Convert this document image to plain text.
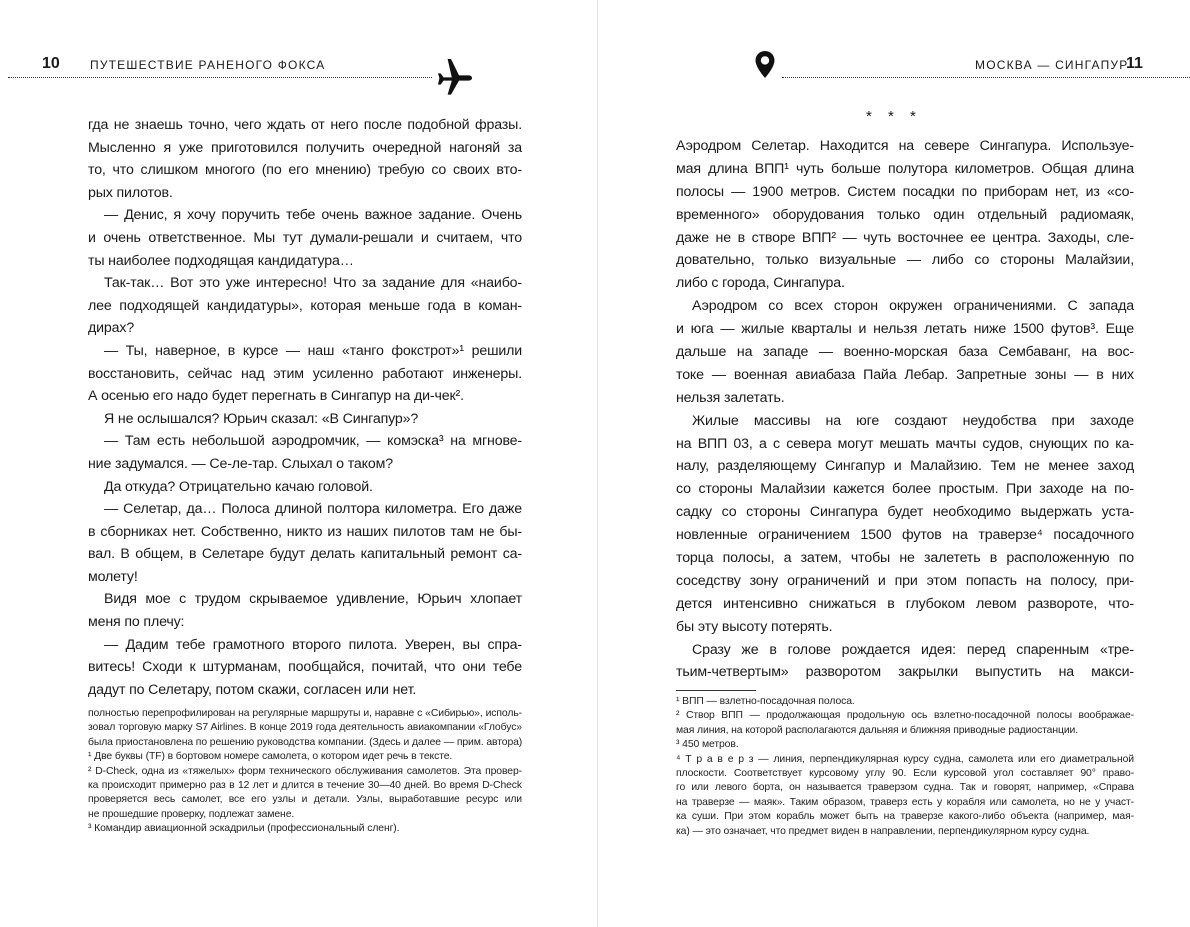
10	ПУТЕШЕСТВИЕ РАНЕНОГО ФОКСА
гда не знаешь точно, чего ждать от него после подобной фразы.
Мысленно я уже приготовился получить очередной нагоняй за
то, что слишком многого (по его мнению) требую со своих вто-
рых пилотов.
— Денис, я хочу поручить тебе очень важное задание. Очень
и очень ответственное. Мы тут думали-решали и считаем, что
ты наиболее подходящая кандидатура…
Так-так… Вот это уже интересно! Что за задание для «наибо-
лее подходящей кандидатуры», которая меньше года в коман-
дирах?
— Ты, наверное, в курсе — наш «танго фокстрот»¹ решили
восстановить, сейчас над этим усиленно работают инженеры.
А осенью его надо будет перегнать в Сингапур на ди-чек².
Я не ослышался? Юрьич сказал: «В Сингапур»?
— Там есть небольшой аэродромчик, — комэска³ на мгнове-
ние задумался. — Се-ле-тар. Слыхал о таком?
Да откуда? Отрицательно качаю головой.
— Селетар, да… Полоса длиной полтора километра. Его даже
в сборниках нет. Собственно, никто из наших пилотов там не бы-
вал. В общем, в Селетаре будут делать капитальный ремонт са-
молету!
Видя мое с трудом скрываемое удивление, Юрьич хлопает
меня по плечу:
— Дадим тебе грамотного второго пилота. Уверен, вы спра-
витесь! Сходи к штурманам, пообщайся, почитай, что они тебе
дадут по Селетару, потом скажи, согласен или нет.
полностью перепрофилирован на регулярные маршруты и, наравне с «Сибирью», исполь-
зовал торговую марку S7 Airlines. В конце 2019 года деятельность авиакомпании «Глобус»
была приостановлена по решению руководства компании. (Здесь и далее — прим. автора)
¹ Две буквы (TF) в бортовом номере самолета, о котором идет речь в тексте.
² D-Check, одна из «тяжелых» форм технического обслуживания самолетов. Эта провер-
ка происходит примерно раз в 12 лет и длится в течение 30—40 дней. Во время D-Check
проверяется весь самолет, все его узлы и детали. Узлы, выработавшие ресурс или
не прошедшие проверку, подлежат замене.
³ Командир авиационной эскадрильи (профессиональный сленг).
МОСКВА — СИНГАПУР
11
* * *
Аэродром Селетар. Находится на севере Сингапура. Используе-
мая длина ВПП¹ чуть больше полутора километров. Общая длина
полосы — 1900 метров. Систем посадки по приборам нет, из «со-
временного» оборудования только один отдельный радиомаяк,
даже не в створе ВПП² — чуть восточнее ее центра. Заходы, сле-
довательно, только визуальные — либо со стороны Малайзии,
либо с города, Сингапура.
Аэродром со всех сторон окружен ограничениями. С запада
и юга — жилые кварталы и нельзя летать ниже 1500 футов³. Еще
дальше на западе — военно-морская база Сембаванг, на вос-
токе — военная авиабаза Пайа Лебар. Запретные зоны — в них
нельзя залетать.
Жилые массивы на юге создают неудобства при заходе
на ВПП 03, а с севера могут мешать мачты судов, снующих по ка-
налу, разделяющему Сингапур и Малайзию. Тем не менее заход
со стороны Малайзии кажется более простым. При заходе на по-
садку со стороны Сингапура будет необходимо выдержать уста-
новленные ограничением 1500 футов на траверзе⁴ посадочного
торца полосы, а затем, чтобы не залететь в расположенную по
соседству зону ограничений и при этом попасть на полосу, при-
дется интенсивно снижаться в глубоком левом развороте, что-
бы эту высоту потерять.
Сразу же в голове рождается идея: перед спаренным «тре-
тьим-четвертым» разворотом закрылки выпустить на макси-
¹ ВПП — взлетно-посадочная полоса.
² Створ ВПП — продолжающая продольную ось взлетно-посадочной полосы воображае-
мая линия, на которой располагаются дальняя и ближняя приводные радиостанции.
³ 450 метров.
⁴ Т р а в е р з — линия, перпендикулярная курсу судна, самолета или его диаметральной
плоскости. Соответствует курсовому углу 90. Если курсовой угол составляет 90° право-
го или левого борта, он называется траверзом судна. Так и говорят, например, «Справа
на траверзе — маяк». Таким образом, траверз есть у корабля или самолета, но не у участ-
ка суши. При этом корабль может быть на траверзе какого-либо объекта (например, мая-
ка) — это означает, что предмет виден в направлении, перпендикулярном курсу судна.
